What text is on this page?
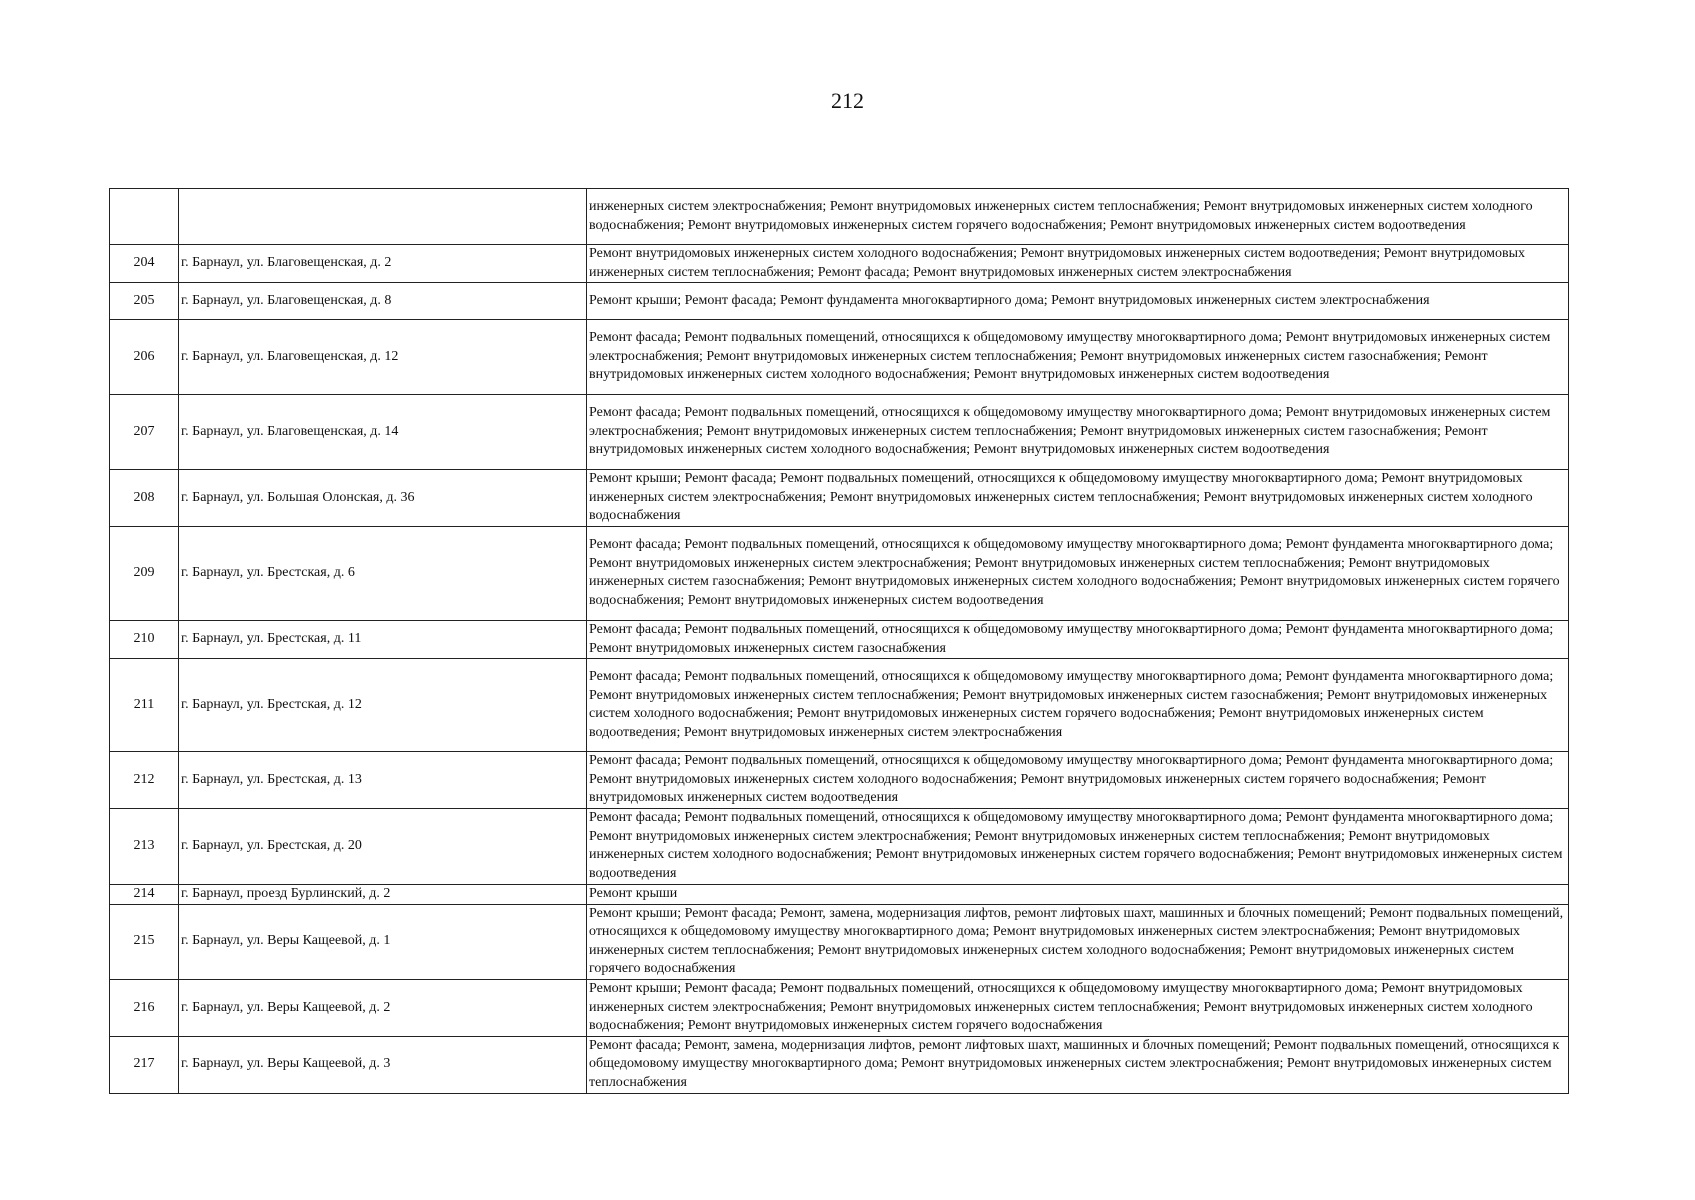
212
		инженерных систем электроснабжения; Ремонт внутридомовых инженерных систем теплоснабжения; Ремонт внутридомовых инженерных систем холодного водоснабжения; Ремонт внутридомовых инженерных систем горячего водоснабжения; Ремонт внутридомовых инженерных систем водоотведения
204	г. Барнаул, ул. Благовещенская, д. 2	Ремонт внутридомовых инженерных систем холодного водоснабжения; Ремонт внутридомовых инженерных систем водоотведения; Ремонт внутридомовых инженерных систем теплоснабжения; Ремонт фасада; Ремонт внутридомовых инженерных систем электроснабжения
205	г. Барнаул, ул. Благовещенская, д. 8	Ремонт крыши; Ремонт фасада; Ремонт фундамента многоквартирного дома; Ремонт внутридомовых инженерных систем электроснабжения
206	г. Барнаул, ул. Благовещенская, д. 12	Ремонт фасада; Ремонт подвальных помещений, относящихся к общедомовому имуществу многоквартирного дома; Ремонт внутридомовых инженерных систем электроснабжения; Ремонт внутридомовых инженерных систем теплоснабжения; Ремонт внутридомовых инженерных систем газоснабжения; Ремонт внутридомовых инженерных систем холодного водоснабжения; Ремонт внутридомовых инженерных систем водоотведения
207	г. Барнаул, ул. Благовещенская, д. 14	Ремонт фасада; Ремонт подвальных помещений, относящихся к общедомовому имуществу многоквартирного дома; Ремонт внутридомовых инженерных систем электроснабжения; Ремонт внутридомовых инженерных систем теплоснабжения; Ремонт внутридомовых инженерных систем газоснабжения; Ремонт внутридомовых инженерных систем холодного водоснабжения; Ремонт внутридомовых инженерных систем водоотведения
208	г. Барнаул, ул. Большая Олонская, д. 36	Ремонт крыши; Ремонт фасада; Ремонт подвальных помещений, относящихся к общедомовому имуществу многоквартирного дома; Ремонт внутридомовых инженерных систем электроснабжения; Ремонт внутридомовых инженерных систем теплоснабжения; Ремонт внутридомовых инженерных систем холодного водоснабжения
209	г. Барнаул, ул. Брестская, д. 6	Ремонт фасада; Ремонт подвальных помещений, относящихся к общедомовому имуществу многоквартирного дома; Ремонт фундамента многоквартирного дома; Ремонт внутридомовых инженерных систем электроснабжения; Ремонт внутридомовых инженерных систем теплоснабжения; Ремонт внутридомовых инженерных систем газоснабжения; Ремонт внутридомовых инженерных систем холодного водоснабжения; Ремонт внутридомовых инженерных систем горячего водоснабжения; Ремонт внутридомовых инженерных систем водоотведения
210	г. Барнаул, ул. Брестская, д. 11	Ремонт фасада; Ремонт подвальных помещений, относящихся к общедомовому имуществу многоквартирного дома; Ремонт фундамента многоквартирного дома; Ремонт внутридомовых инженерных систем газоснабжения
211	г. Барнаул, ул. Брестская, д. 12	Ремонт фасада; Ремонт подвальных помещений, относящихся к общедомовому имуществу многоквартирного дома; Ремонт фундамента многоквартирного дома; Ремонт внутридомовых инженерных систем теплоснабжения; Ремонт внутридомовых инженерных систем газоснабжения; Ремонт внутридомовых инженерных систем холодного водоснабжения; Ремонт внутридомовых инженерных систем горячего водоснабжения; Ремонт внутридомовых инженерных систем водоотведения; Ремонт внутридомовых инженерных систем электроснабжения
212	г. Барнаул, ул. Брестская, д. 13	Ремонт фасада; Ремонт подвальных помещений, относящихся к общедомовому имуществу многоквартирного дома; Ремонт фундамента многоквартирного дома; Ремонт внутридомовых инженерных систем холодного водоснабжения; Ремонт внутридомовых инженерных систем горячего водоснабжения; Ремонт внутридомовых инженерных систем водоотведения
213	г. Барнаул, ул. Брестская, д. 20	Ремонт фасада; Ремонт подвальных помещений, относящихся к общедомовому имуществу многоквартирного дома; Ремонт фундамента многоквартирного дома; Ремонт внутридомовых инженерных систем электроснабжения; Ремонт внутридомовых инженерных систем теплоснабжения; Ремонт внутридомовых инженерных систем холодного водоснабжения; Ремонт внутридомовых инженерных систем горячего водоснабжения; Ремонт внутридомовых инженерных систем водоотведения
214	г. Барнаул, проезд Бурлинский, д. 2	Ремонт крыши
215	г. Барнаул, ул. Веры Кащеевой, д. 1	Ремонт крыши; Ремонт фасада; Ремонт, замена, модернизация лифтов, ремонт лифтовых шахт, машинных и блочных помещений; Ремонт подвальных помещений, относящихся к общедомовому имуществу многоквартирного дома; Ремонт внутридомовых инженерных систем электроснабжения; Ремонт внутридомовых инженерных систем теплоснабжения; Ремонт внутридомовых инженерных систем холодного водоснабжения; Ремонт внутридомовых инженерных систем горячего водоснабжения
216	г. Барнаул, ул. Веры Кащеевой, д. 2	Ремонт крыши; Ремонт фасада; Ремонт подвальных помещений, относящихся к общедомовому имуществу многоквартирного дома; Ремонт внутридомовых инженерных систем электроснабжения; Ремонт внутридомовых инженерных систем теплоснабжения; Ремонт внутридомовых инженерных систем холодного водоснабжения; Ремонт внутридомовых инженерных систем горячего водоснабжения
217	г. Барнаул, ул. Веры Кащеевой, д. 3	Ремонт фасада; Ремонт, замена, модернизация лифтов, ремонт лифтовых шахт, машинных и блочных помещений; Ремонт подвальных помещений, относящихся к общедомовому имуществу многоквартирного дома; Ремонт внутридомовых инженерных систем электроснабжения; Ремонт внутридомовых инженерных систем теплоснабжения
